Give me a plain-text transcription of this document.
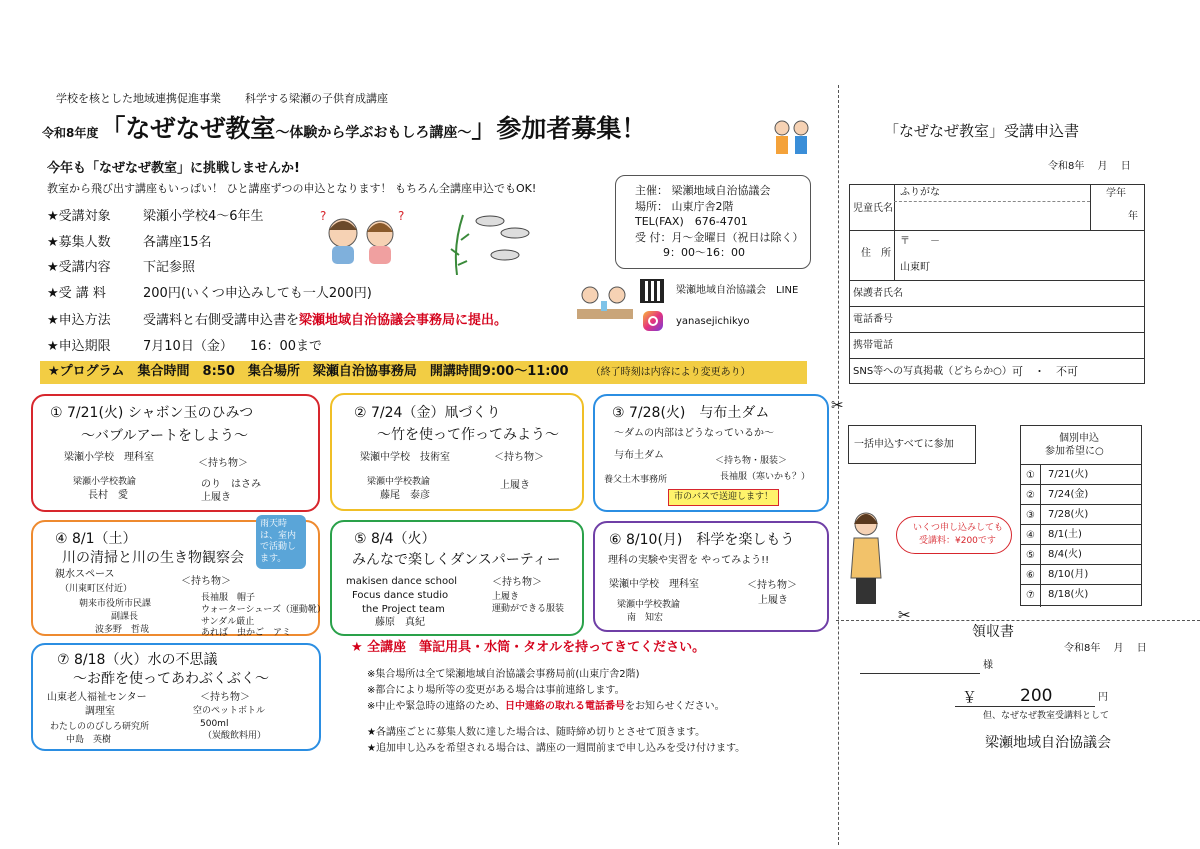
学校を核とした地域連携促進事業 科学する梁瀬の子供育成講座
令和8年度 「なぜなぜ教室 ～体験から学ぶおもしろ講座～ 」参加者募集！
今年も「なぜなぜ教室」に挑戦しませんか!
教室から飛び出す講座もいっぱい！ ひと講座ずつの申込となります！ もちろん全講座申込でもOK!
★受講対象 梁瀬小学校4～6年生
★募集人数 各講座15名
★受講内容 下記参照
★受 講 料	200円(いくつ申込みしても一人200円)
★申込方法 受講料と右側受講申込書を梁瀬地域自治協議会事務局に提出。
★申込期限 7月10日（金） 　16：00まで
?	?
主催： 梁瀬地域自治協議会
場所： 山東庁舎2階
TEL(FAX)　676-4701
受 付：月～金曜日（祝日は除く）
9：00～16：00
梁瀬地域自治協議会　LINE
yanasejichikyo
★プログラム　集合時間　8:50　集合場所　梁瀬自治協事務局　開講時間9:00～11:00 （終了時刻は内容により変更あり）
① 7/21(火) シャボン玉のひみつ
～バブルアートをしよう～
梁瀬小学校　理科室
＜持ち物＞
梁瀬小学校教諭
長村　愛
のり　はさみ
上履き
② 7/24（金）凧づくり
～竹を使って作ってみよう～
梁瀬中学校　技術室	＜持ち物＞
梁瀬中学校教諭
藤尾　泰彦
上履き
③ 7/28(火)　与布土ダム
～ダムの内部はどうなっているか～
与布土ダム	＜持ち物・服装＞
長袖服（寒いかも？）
養父土木事務所
市のバスで送迎します！
④ 8/1（土）
川の清掃と川の生き物観察会
親水スペース
（川東町区付近）
＜持ち物＞
朝来市役所市民課
副課長
波多野　哲哉
長袖服　帽子
ウォーターシューズ（運動靴）
サンダル厳止
あれば　虫かご　アミ
雨天時は、室内で活動します。
⑤ 8/4（火）
みんなで楽しくダンスパーティー
makisen dance school
Focus dance studio
the Project team
藤原　真紀
＜持ち物＞
上履き
運動ができる服装
⑥ 8/10(月)　科学を楽しもう
理科の実験や実習を やってみよう!!
梁瀬中学校　理科室	＜持ち物＞
梁瀬中学校教諭
南　知宏
上履き
★ 全講座　筆記用具・水筒・タオルを持ってきてください。
⑦ 8/18（火）水の不思議
～お酢を使ってあわぶくぶく～
山東老人福祉センター
調理室
わたしののびしろ研究所
中島　英樹
＜持ち物＞
空のペットボトル
500ml
（炭酸飲料用）
※集合場所は全て梁瀬地域自治協議会事務局前(山東庁舎2階)
※都合により場所等の変更がある場合は事前連絡します。
※中止や緊急時の連絡のため、日中連絡の取れる電話番号をお知らせください。
★各講座ごとに募集人数に達した場合は、随時締め切りとさせて頂きます。
★追加申し込みを希望される場合は、講座の一週間前まで申し込みを受け付けます。
✂
✂
「なぜなぜ教室」受講申込書
令和8年　 月　 日
児童氏名
ふりがな	学年
年
住　所
〒　　－
山東町
保護者氏名
電話番号
携帯電話
SNS等への写真掲載（どちらか○） 可　・　不可
一括申込すべてに参加
個別申込
参加希望に○
①	7/21(火)
②	7/24(金)
③	7/28(火)
④	8/1(土)
⑤	8/4(火)
⑥	8/10(月)
⑦	8/18(火)
いくつ申し込みしても
受講料：¥200です
領収書
令和8年　 月　 日
様
￥	200	円
但、なぜなぜ教室受講料として
梁瀬地域自治協議会
